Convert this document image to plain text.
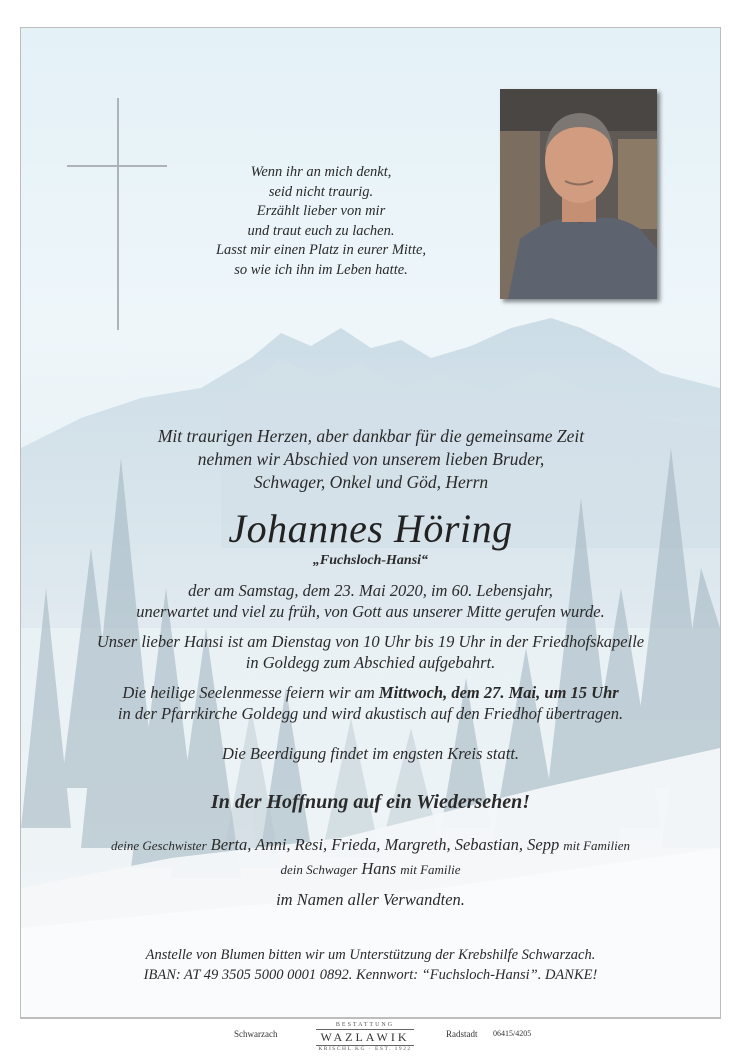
Wenn ihr an mich denkt,
seid nicht traurig.
Erzählt lieber von mir
und traut euch zu lachen.
Lasst mir einen Platz in eurer Mitte,
so wie ich ihn im Leben hatte.
Mit traurigen Herzen, aber dankbar für die gemeinsame Zeit
nehmen wir Abschied von unserem lieben Bruder,
Schwager, Onkel und Göd, Herrn
Johannes Höring
„Fuchsloch-Hansi“
der am Samstag, dem 23. Mai 2020, im 60. Lebensjahr,
unerwartet und viel zu früh, von Gott aus unserer Mitte gerufen wurde.
Unser lieber Hansi ist am Dienstag von 10 Uhr bis 19 Uhr in der Friedhofskapelle
in Goldegg zum Abschied aufgebahrt.
Die heilige Seelenmesse feiern wir am Mittwoch, dem 27. Mai, um 15 Uhr
in der Pfarrkirche Goldegg und wird akustisch auf den Friedhof übertragen.
Die Beerdigung findet im engsten Kreis statt.
In der Hoffnung auf ein Wiedersehen!
deine Geschwister Berta, Anni, Resi, Frieda, Margreth, Sebastian, Sepp mit Familien
dein Schwager Hans mit Familie
im Namen aller Verwandten.
Anstelle von Blumen bitten wir um Unterstützung der Krebshilfe Schwarzach.
IBAN: AT 49 3505 5000 0001 0892. Kennwort: “Fuchsloch-Hansi”. DANKE!
Schwarzach
BESTATTUNG
WAZLAWIK
KRISCHL KG · EST. 1922
Radstadt 06415/4205
